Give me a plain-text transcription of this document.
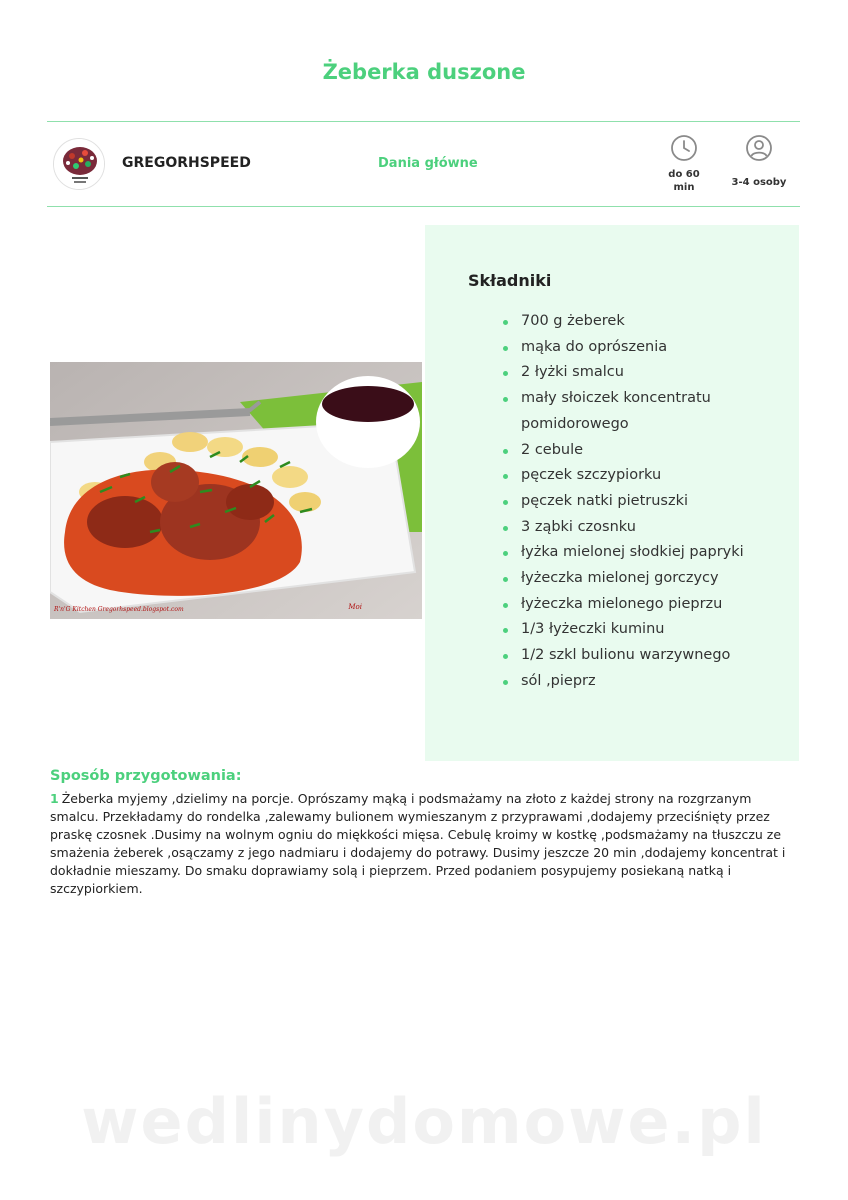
Żeberka duszone
GREGORHSPEED	Dania główne
do 60
min	3-4 osoby
R'n'G Kitchen Gregorhspeed.blogspot.com	Moi
Składniki
700 g żeberek
mąka do oprószenia
2 łyżki smalcu
mały słoiczek koncentratu pomidorowego
2 cebule
pęczek szczypiorku
pęczek natki pietruszki
3 ząbki czosnku
łyżka mielonej słodkiej papryki
łyżeczka mielonej gorczycy
łyżeczka mielonego pieprzu
1/3 łyżeczki kuminu
1/2 szkl bulionu warzywnego
sól ,pieprz
Sposób przygotowania:

1 Żeberka myjemy ,dzielimy na porcje. Oprószamy mąką i podsmażamy na złoto z każdej strony na rozgrzanym smalcu. Przekładamy do rondelka ,zalewamy bulionem wymieszanym z przyprawami ,dodajemy przeciśnięty przez praskę czosnek .Dusimy na wolnym ogniu do miękkości mięsa. Cebulę kroimy w kostkę ,podsmażamy na tłuszczu ze smażenia żeberek ,osączamy z jego nadmiaru i dodajemy do potrawy. Dusimy jeszcze 20 min ,dodajemy koncentrat i dokładnie mieszamy. Do smaku doprawiamy solą i pieprzem. Przed podaniem posypujemy posiekaną natką i szczypiorkiem.

wedlinydomowe.pl
